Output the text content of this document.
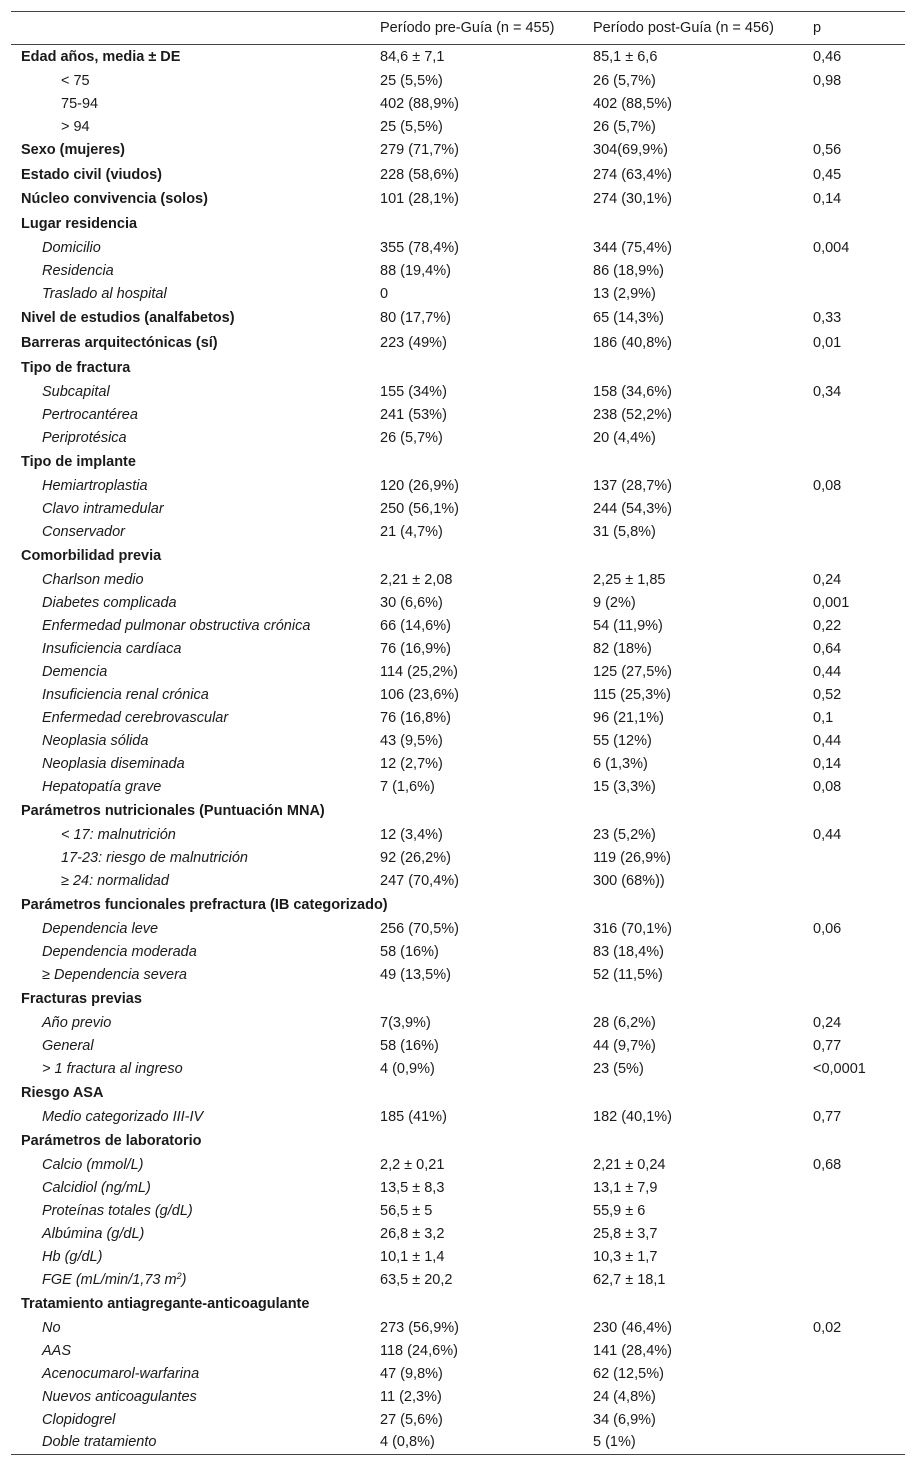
	Período pre-Guía (n = 455)	Período post-Guía (n = 456)	p
Edad años, media ± DE	84,6 ± 7,1	85,1 ± 6,6	0,46
< 75	25 (5,5%)	26 (5,7%)	0,98
75-94	402 (88,9%)	402 (88,5%)	
> 94	25 (5,5%)	26 (5,7%)	
Sexo (mujeres)	279 (71,7%)	304(69,9%)	0,56
Estado civil (viudos)	228 (58,6%)	274 (63,4%)	0,45
Núcleo convivencia (solos)	101 (28,1%)	274 (30,1%)	0,14
Lugar residencia			
Domicilio	355 (78,4%)	344 (75,4%)	0,004
Residencia	88 (19,4%)	86 (18,9%)	
Traslado al hospital	0	13 (2,9%)	
Nivel de estudios (analfabetos)	80 (17,7%)	65 (14,3%)	0,33
Barreras arquitectónicas (sí)	223 (49%)	186 (40,8%)	0,01
Tipo de fractura			
Subcapital	155 (34%)	158 (34,6%)	0,34
Pertrocantérea	241 (53%)	238 (52,2%)	
Periprotésica	26 (5,7%)	20 (4,4%)	
Tipo de implante			
Hemiartroplastia	120 (26,9%)	137 (28,7%)	0,08
Clavo intramedular	250 (56,1%)	244 (54,3%)	
Conservador	21 (4,7%)	31 (5,8%)	
Comorbilidad previa			
Charlson medio	2,21 ± 2,08	2,25 ± 1,85	0,24
Diabetes complicada	30 (6,6%)	9 (2%)	0,001
Enfermedad pulmonar obstructiva crónica	66 (14,6%)	54 (11,9%)	0,22
Insuficiencia cardíaca	76 (16,9%)	82 (18%)	0,64
Demencia	114 (25,2%)	125 (27,5%)	0,44
Insuficiencia renal crónica	106 (23,6%)	115 (25,3%)	0,52
Enfermedad cerebrovascular	76 (16,8%)	96 (21,1%)	0,1
Neoplasia sólida	43 (9,5%)	55 (12%)	0,44
Neoplasia diseminada	12 (2,7%)	6 (1,3%)	0,14
Hepatopatía grave	7 (1,6%)	15 (3,3%)	0,08
Parámetros nutricionales (Puntuación MNA)			
< 17: malnutrición	12 (3,4%)	23 (5,2%)	0,44
17-23: riesgo de malnutrición	92 (26,2%)	119 (26,9%)	
≥ 24: normalidad	247 (70,4%)	300 (68%))	
Parámetros funcionales prefractura (IB categorizado)			
Dependencia leve	256 (70,5%)	316 (70,1%)	0,06
Dependencia moderada	58 (16%)	83 (18,4%)	
≥ Dependencia severa	49 (13,5%)	52 (11,5%)	
Fracturas previas			
Año previo	7(3,9%)	28 (6,2%)	0,24
General	58 (16%)	44 (9,7%)	0,77
> 1 fractura al ingreso	4 (0,9%)	23 (5%)	<0,0001
Riesgo ASA			
Medio categorizado III-IV	185 (41%)	182 (40,1%)	0,77
Parámetros de laboratorio			
Calcio (mmol/L)	2,2 ± 0,21	2,21 ± 0,24	0,68
Calcidiol (ng/mL)	13,5 ± 8,3	13,1 ± 7,9	
Proteínas totales (g/dL)	56,5 ± 5	55,9 ± 6	
Albúmina (g/dL)	26,8 ± 3,2	25,8 ± 3,7	
Hb (g/dL)	10,1 ± 1,4	10,3 ± 1,7	
FGE (mL/min/1,73 $m^2$)	63,5 ± 20,2	62,7 ± 18,1	
Tratamiento antiagregante-anticoagulante			
No	273 (56,9%)	230 (46,4%)	0,02
AAS	118 (24,6%)	141 (28,4%)	
Acenocumarol-warfarina	47 (9,8%)	62 (12,5%)	
Nuevos anticoagulantes	11 (2,3%)	24 (4,8%)	
Clopidogrel	27 (5,6%)	34 (6,9%)	
Doble tratamiento	4 (0,8%)	5 (1%)	
